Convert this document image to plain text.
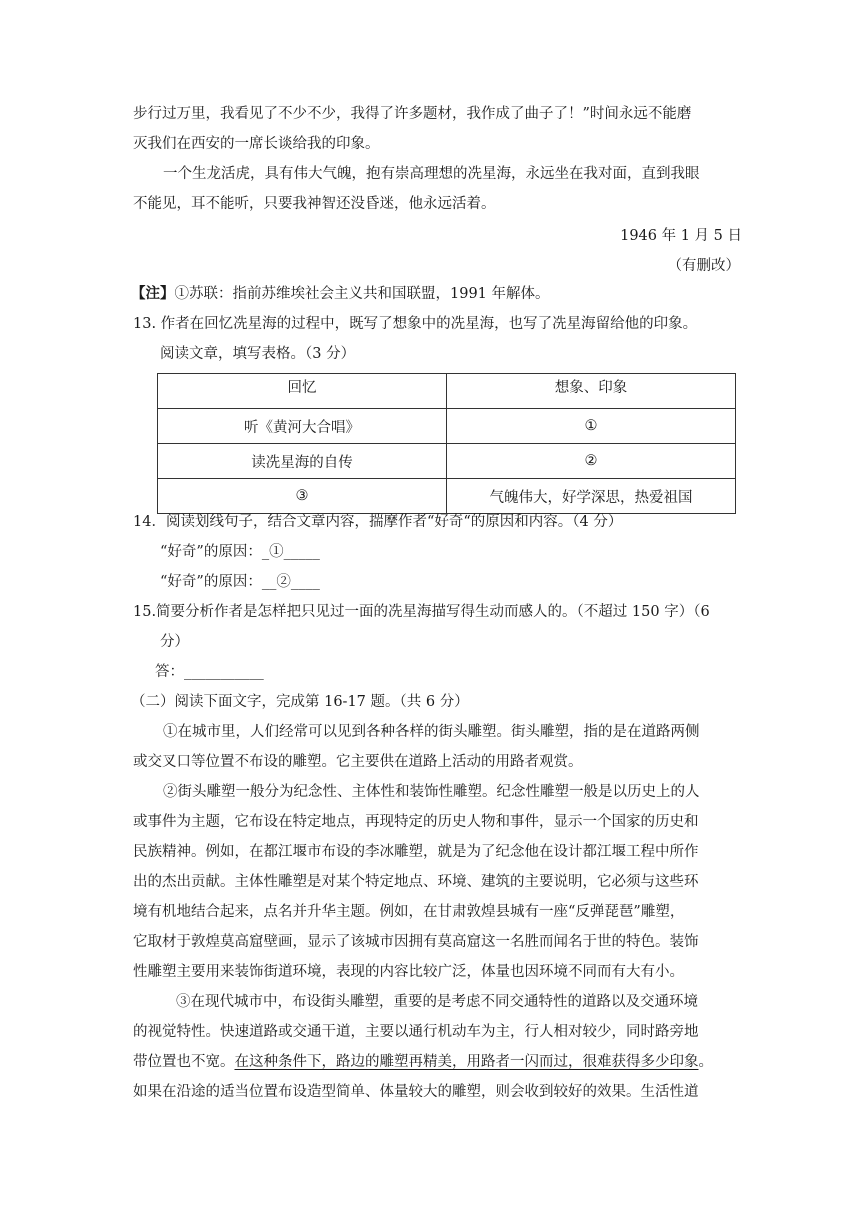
步行过万里，我看见了不少不少，我得了许多题材，我作成了曲子了！”时间永远不能磨
灭我们在西安的一席长谈给我的印象。
一个生龙活虎，具有伟大气魄，抱有崇高理想的冼星海，永远坐在我对面，直到我眼
不能见，耳不能听，只要我神智还没昏迷，他永远活着。
1946 年 1 月 5 日
（有删改）
【注】①苏联：指前苏维埃社会主义共和国联盟，1991 年解体。
13. 作者在回忆冼星海的过程中，既写了想象中的冼星海，也写了冼星海留给他的印象。
阅读文章，填写表格。（3 分）
回忆	想象、印象
听《黄河大合唱》	①
读冼星海的自传	②
③	气魄伟大，好学深思，热爱祖国
14．阅读划线句子，结合文章内容，揣摩作者“好奇“的原因和内容。（4 分）
“好奇”的原因：_①_____
“好奇”的原因：__②____
15.简要分析作者是怎样把只见过一面的冼星海描写得生动而感人的。（不超过 150 字）（6
分）
答：___________
（二）阅读下面文字，完成第 16-17 题。（共 6 分）
①在城市里，人们经常可以见到各种各样的街头雕塑。街头雕塑，指的是在道路两侧
或交叉口等位置不布设的雕塑。它主要供在道路上活动的用路者观赏。
②街头雕塑一般分为纪念性、主体性和装饰性雕塑。纪念性雕塑一般是以历史上的人
或事件为主题，它布设在特定地点，再现特定的历史人物和事件，显示一个国家的历史和
民族精神。例如，在都江堰市布设的李冰雕塑，就是为了纪念他在设计都江堰工程中所作
出的杰出贡献。主体性雕塑是对某个特定地点、环境、建筑的主要说明，它必须与这些环
境有机地结合起来，点名并升华主题。例如，在甘肃敦煌县城有一座“反弹琵琶”雕塑，
它取材于敦煌莫高窟壁画，显示了该城市因拥有莫高窟这一名胜而闻名于世的特色。装饰
性雕塑主要用来装饰街道环境，表现的内容比较广泛，体量也因环境不同而有大有小。
③在现代城市中，布设街头雕塑，重要的是考虑不同交通特性的道路以及交通环境
的视觉特性。快速道路或交通干道，主要以通行机动车为主，行人相对较少，同时路旁地
带位置也不宽。在这种条件下，路边的雕塑再精美，用路者一闪而过，很难获得多少印象。
如果在沿途的适当位置布设造型简单、体量较大的雕塑，则会收到较好的效果。生活性道
